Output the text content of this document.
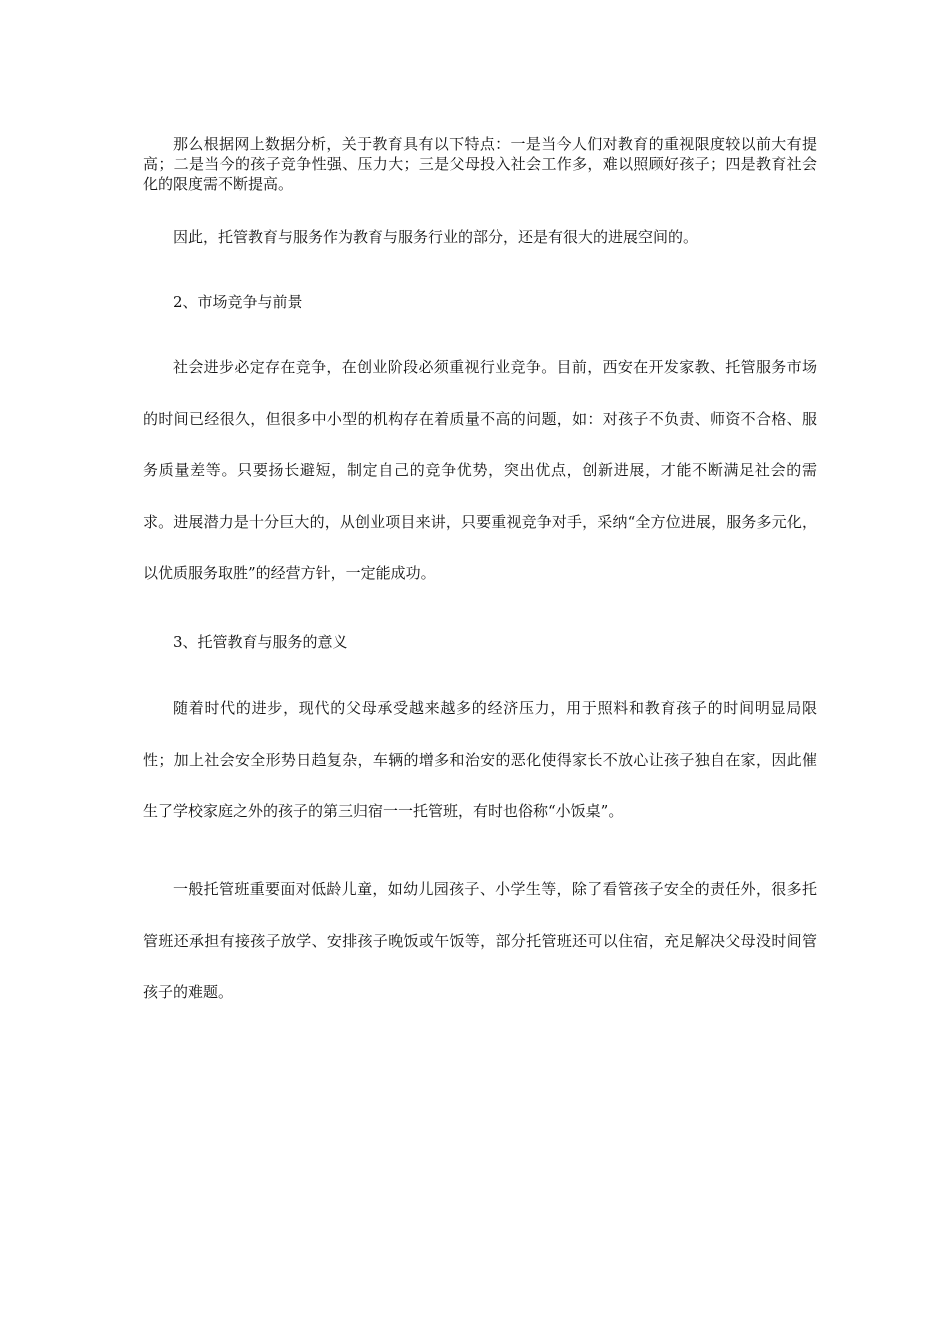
那么根据网上数据分析，关于教育具有以下特点：一是当今人们对教育的重视限度较以前大有提高；二是当今的孩子竞争性强、压力大；三是父母投入社会工作多，难以照顾好孩子；四是教育社会化的限度需不断提高。

因此，托管教育与服务作为教育与服务行业的部分，还是有很大的进展空间的。

2、市场竞争与前景

社会进步必定存在竞争，在创业阶段必须重视行业竞争。目前，西安在开发家教、托管服务市场的时间已经很久，但很多中小型的机构存在着质量不高的问题，如：对孩子不负责、师资不合格、服务质量差等。只要扬长避短，制定自己的竞争优势，突出优点，创新进展，才能不断满足社会的需求。进展潜力是十分巨大的，从创业项目来讲，只要重视竞争对手，采纳“全方位进展，服务多元化，以优质服务取胜”的经营方针，一定能成功。

3、托管教育与服务的意义

随着时代的进步，现代的父母承受越来越多的经济压力，用于照料和教育孩子的时间明显局限性；加上社会安全形势日趋复杂，车辆的增多和治安的恶化使得家长不放心让孩子独自在家，因此催生了学校家庭之外的孩子的第三归宿一一托管班，有时也俗称“小饭桌”。

一般托管班重要面对低龄儿童，如幼儿园孩子、小学生等，除了看管孩子安全的责任外，很多托管班还承担有接孩子放学、安排孩子晚饭或午饭等，部分托管班还可以住宿，充足解决父母没时间管孩子的难题。
